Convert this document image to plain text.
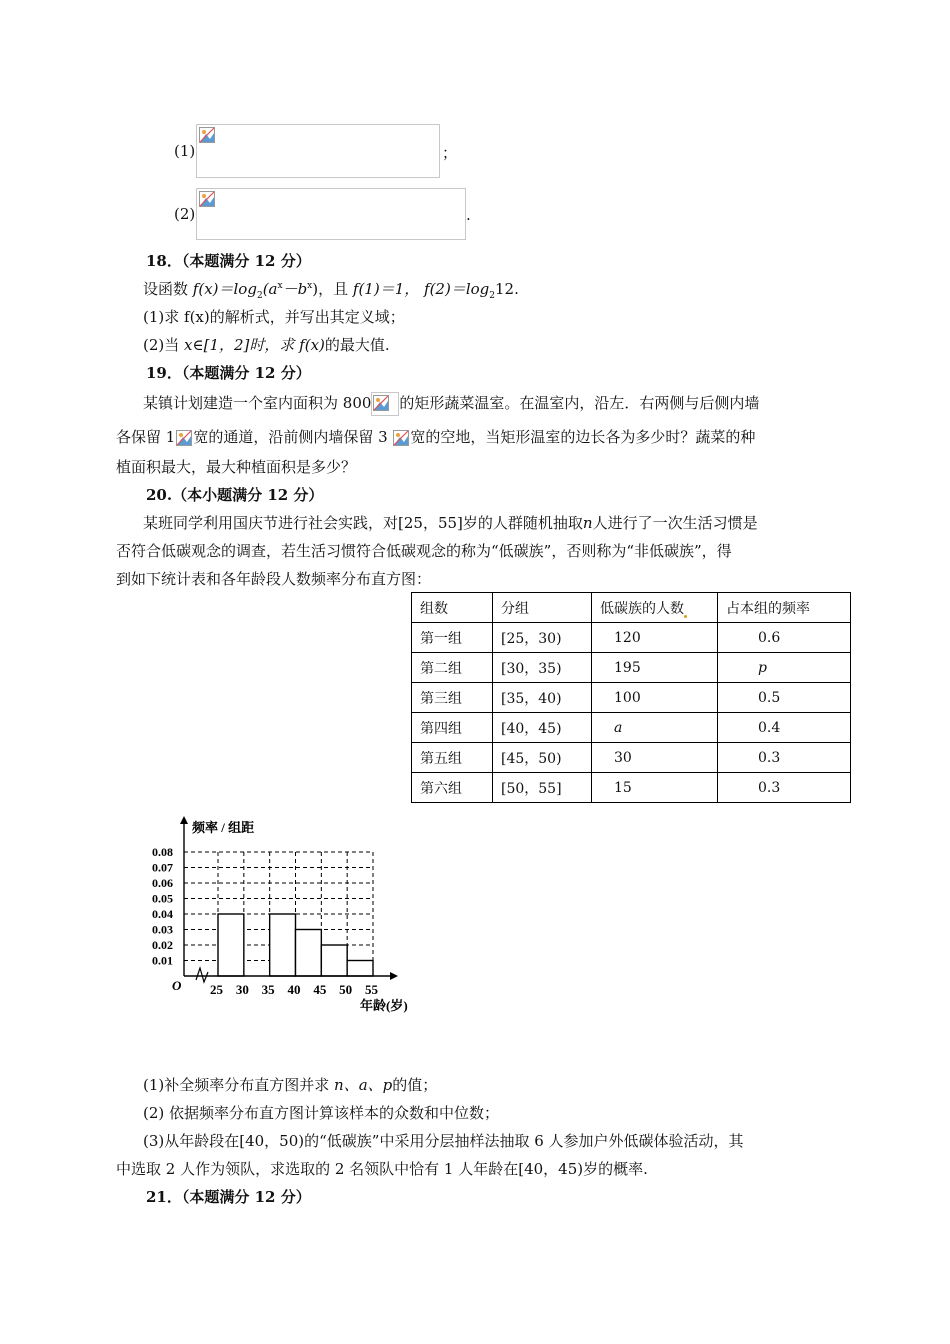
(1)	；
(2)	.
18．（本题满分 12 分）
设函数 $f(x)=\log_2(a^x-b^x)$，且 f(1)＝1， $f(2)=\log_212$.
(1)求 f(x)的解析式，并写出其定义域；
(2)当 x∈[1，2]时，求 f(x)的最大值.
19．（本题满分 12 分）
某镇计划建造一个室内面积为 800 的矩形蔬菜温室。在温室内，沿左．右两侧与后侧内墙
各保留 1 宽的通道，沿前侧内墙保留 3 宽的空地，当矩形温室的边长各为多少时？蔬菜的种
植面积最大，最大种植面积是多少？
20.（本小题满分 12 分）
某班同学利用国庆节进行社会实践，对[25，55]岁的人群随机抽取n人进行了一次生活习惯是
否符合低碳观念的调查，若生活习惯符合低碳观念的称为“低碳族”，否则称为“非低碳族”，得
到如下统计表和各年龄段人数频率分布直方图：
组数	分组	低碳族的人数	占本组的频率
第一组	[25，30)	120	0.6
第二组	[30，35)	195	p
第三组	[35，40)	100	0.5
第四组	[40，45)	a	0.4
第五组	[45，50)	30	0.3
第六组	[50，55]	15	0.3
频率 / 组距
年龄(岁)
O
0.01
0.02
0.03
0.04
0.05
0.06
0.07
0.08
25 30 35 40 45 50 55
(1)补全频率分布直方图并求 n、a、p的值；
(2) 依据频率分布直方图计算该样本的众数和中位数；
(3)从年龄段在[40，50)的“低碳族”中采用分层抽样法抽取 6 人参加户外低碳体验活动，其
中选取 2 人作为领队，求选取的 2 名领队中恰有 1 人年龄在[40，45)岁的概率.
21．（本题满分 12 分）
